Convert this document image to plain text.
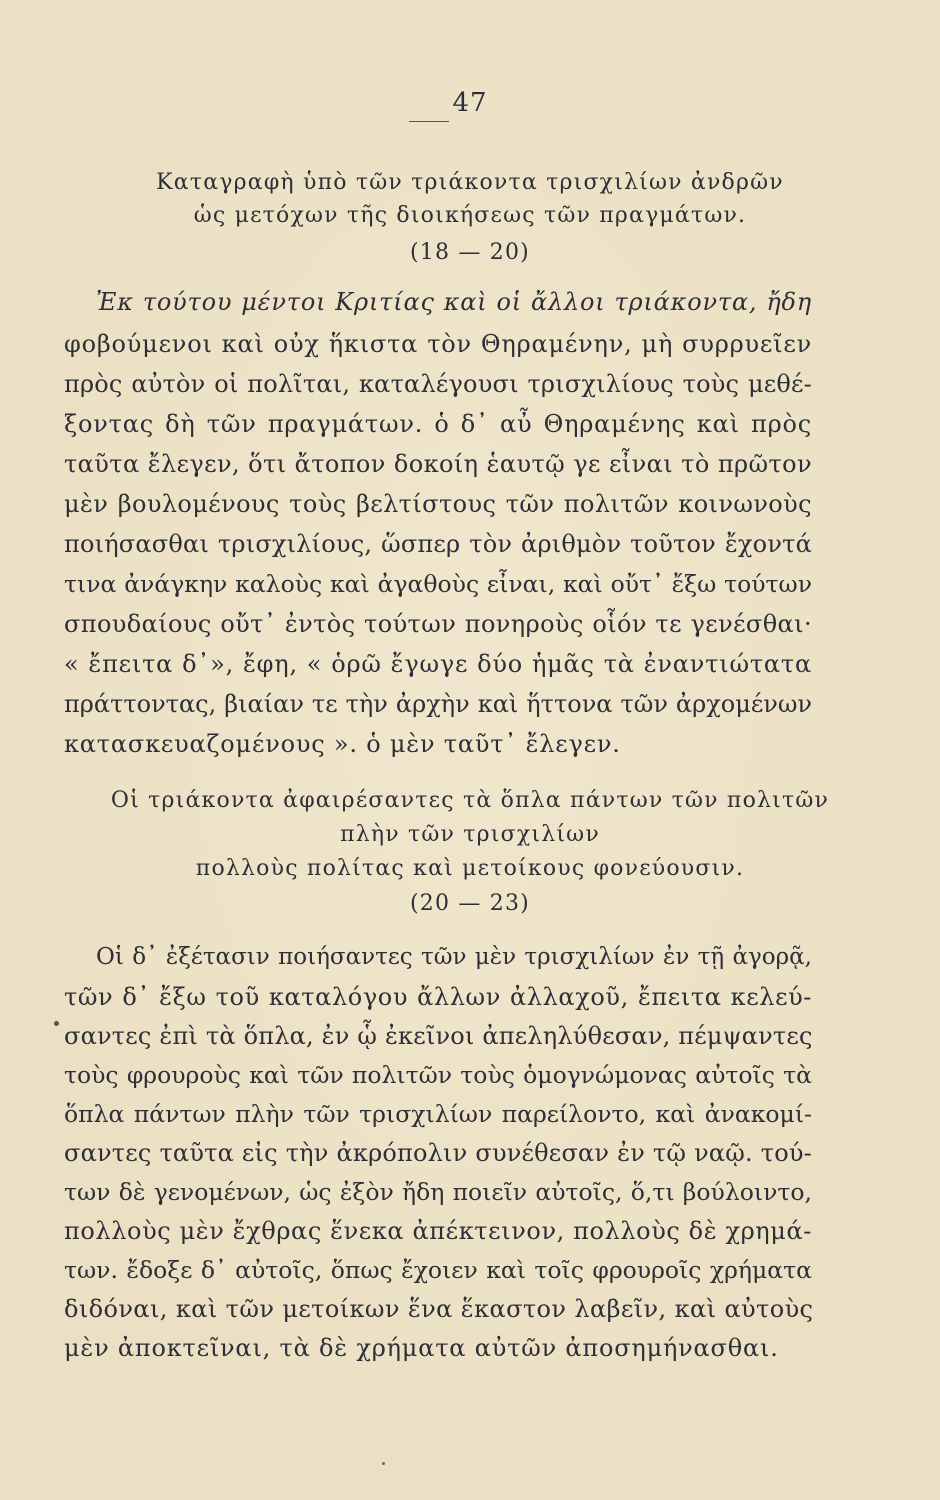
47
Καταγραφὴ ὑπὸ τῶν τριάκοντα τρισχιλίων ἀνδρῶν
ὡς μετόχων τῆς διοικήσεως τῶν πραγμάτων.
(18 — 20)
Ἐκ τούτου μέντοι Κριτίας καὶ οἱ ἄλλοι τριάκοντα, ἤδη
φοβούμενοι καὶ οὐχ ἥκιστα τὸν Θηραμένην, μὴ συρρυεῖεν
πρὸς αὐτὸν οἱ πολῖται, καταλέγουσι τρισχιλίους τοὺς μεθέ-
ξοντας δὴ τῶν πραγμάτων. ὁ δ᾽ αὖ Θηραμένης καὶ πρὸς
ταῦτα ἔλεγεν, ὅτι ἄτοπον δοκοίη ἑαυτῷ γε εἶναι τὸ πρῶτον
μὲν βουλομένους τοὺς βελτίστους τῶν πολιτῶν κοινωνοὺς
ποιήσασθαι τρισχιλίους, ὥσπερ τὸν ἀριθμὸν τοῦτον ἔχοντά
τινα ἀνάγκην καλοὺς καὶ ἀγαθοὺς εἶναι, καὶ οὔτ᾽ ἔξω τούτων
σπουδαίους οὔτ᾽ ἐντὸς τούτων πονηροὺς οἷόν τε γενέσθαι·
« ἔπειτα δ᾽», ἔφη, « ὁρῶ ἔγωγε δύο ἡμᾶς τὰ ἐναντιώτατα
πράττοντας, βιαίαν τε τὴν ἀρχὴν καὶ ἥττονα τῶν ἀρχομένων
κατασκευαζομένους ». ὁ μὲν ταῦτ᾽ ἔλεγεν.
Οἱ τριάκοντα ἀφαιρέσαντες τὰ ὅπλα πάντων τῶν πολιτῶν
πλὴν τῶν τρισχιλίων
πολλοὺς πολίτας καὶ μετοίκους φονεύουσιν.
(20 — 23)
Οἱ δ᾽ ἐξέτασιν ποιήσαντες τῶν μὲν τρισχιλίων ἐν τῇ ἀγορᾷ,
τῶν δ᾽ ἔξω τοῦ καταλόγου ἄλλων ἀλλαχοῦ, ἔπειτα κελεύ-
σαντες ἐπὶ τὰ ὅπλα, ἐν ᾧ ἐκεῖνοι ἀπεληλύθεσαν, πέμψαντες
τοὺς φρουροὺς καὶ τῶν πολιτῶν τοὺς ὁμογνώμονας αὐτοῖς τὰ
ὅπλα πάντων πλὴν τῶν τρισχιλίων παρείλοντο, καὶ ἀνακομί-
σαντες ταῦτα εἰς τὴν ἀκρόπολιν συνέθεσαν ἐν τῷ ναῷ. τού-
των δὲ γενομένων, ὡς ἐξὸν ἤδη ποιεῖν αὐτοῖς, ὅ,τι βούλοιντο,
πολλοὺς μὲν ἔχθρας ἕνεκα ἀπέκτεινον, πολλοὺς δὲ χρημά-
των. ἔδοξε δ᾽ αὐτοῖς, ὅπως ἔχοιεν καὶ τοῖς φρουροῖς χρήματα
διδόναι, καὶ τῶν μετοίκων ἕνα ἕκαστον λαβεῖν, καὶ αὐτοὺς
μὲν ἀποκτεῖναι, τὰ δὲ χρήματα αὐτῶν ἀποσημήνασθαι.
